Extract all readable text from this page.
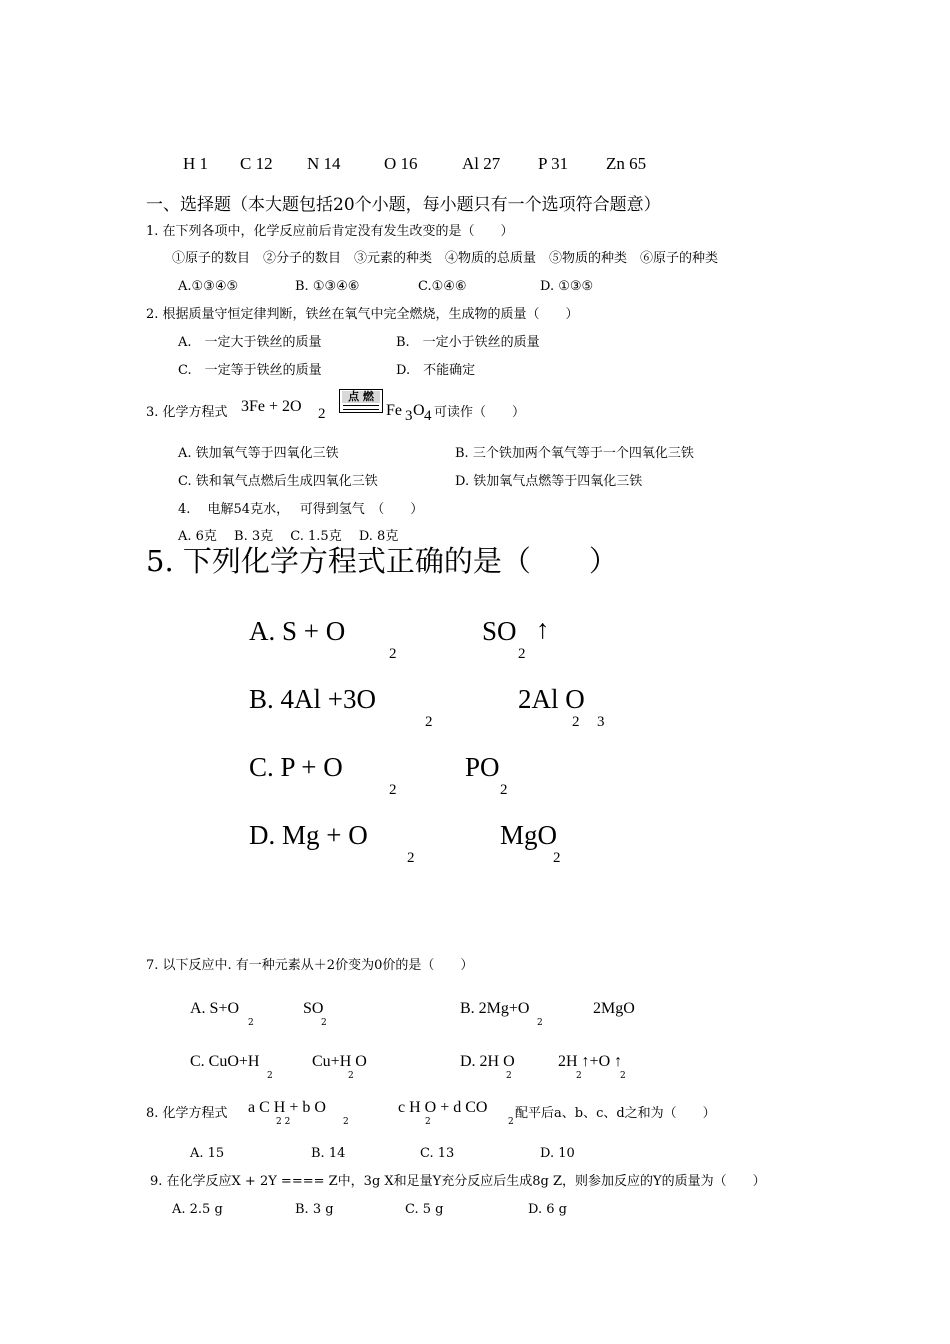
H 1 C 12 N 14	O 16	Al 27 P 31 Zn 65
一、选择题（本大题包括20个小题，每小题只有一个选项符合题意）
1. 在下列各项中，化学反应前后肯定没有发生改变的是（　　）
①原子的数目　②分子的数目　③元素的种类　④物质的总质量　⑤物质的种类　⑥原子的种类
A.①③④⑤	B. ①③④⑥	C.①④⑥	D. ①③⑤
2. 根据质量守恒定律判断，铁丝在氧气中完全燃烧，生成物的质量（　　）
A.　一定大于铁丝的质量	B.　一定小于铁丝的质量
C.　一定等于铁丝的质量	D.　不能确定
3. 化学方程式 3Fe + 2O 2
点 燃
Fe 3 O 4 可读作（　　）
A. 铁加氧气等于四氧化三铁	B. 三个铁加两个氧气等于一个四氧化三铁
C. 铁和氧气点燃后生成四氧化三铁	D. 铁加氧气点燃等于四氧化三铁
4.　 电解54克水，　 可得到氢气　（　　）
A. 6克　 B. 3克　 C. 1.5克　 D. 8克
5. 下列化学方程式正确的是（　　）
A. S + O
2
SO
2
↑
B. 4Al +3O
2
2Al O
2 3
C. P + O
2
PO
2
D. Mg + O
2
MgO
2
7. 以下反应中. 有一种元素从＋2价变为0价的是（　　）
A. S+O
2
SO
2
B. 2Mg+O
2
2MgO
C. CuO+H
2
Cu+H O
2
D. 2H O
2
2H ↑+O ↑
2	2
8. 化学方程式 a C H + b O
2 2	2
c H O + d CO
2	2
配平后a、b、c、d之和为（　　）
A. 15	B. 14	C. 13	D. 10
9. 在化学反应X + 2Y ==== Z中，3g X和足量Y充分反应后生成8g Z，则参加反应的Y的质量为（　　）
A. 2.5 g	B. 3 g	C. 5 g	D. 6 g
